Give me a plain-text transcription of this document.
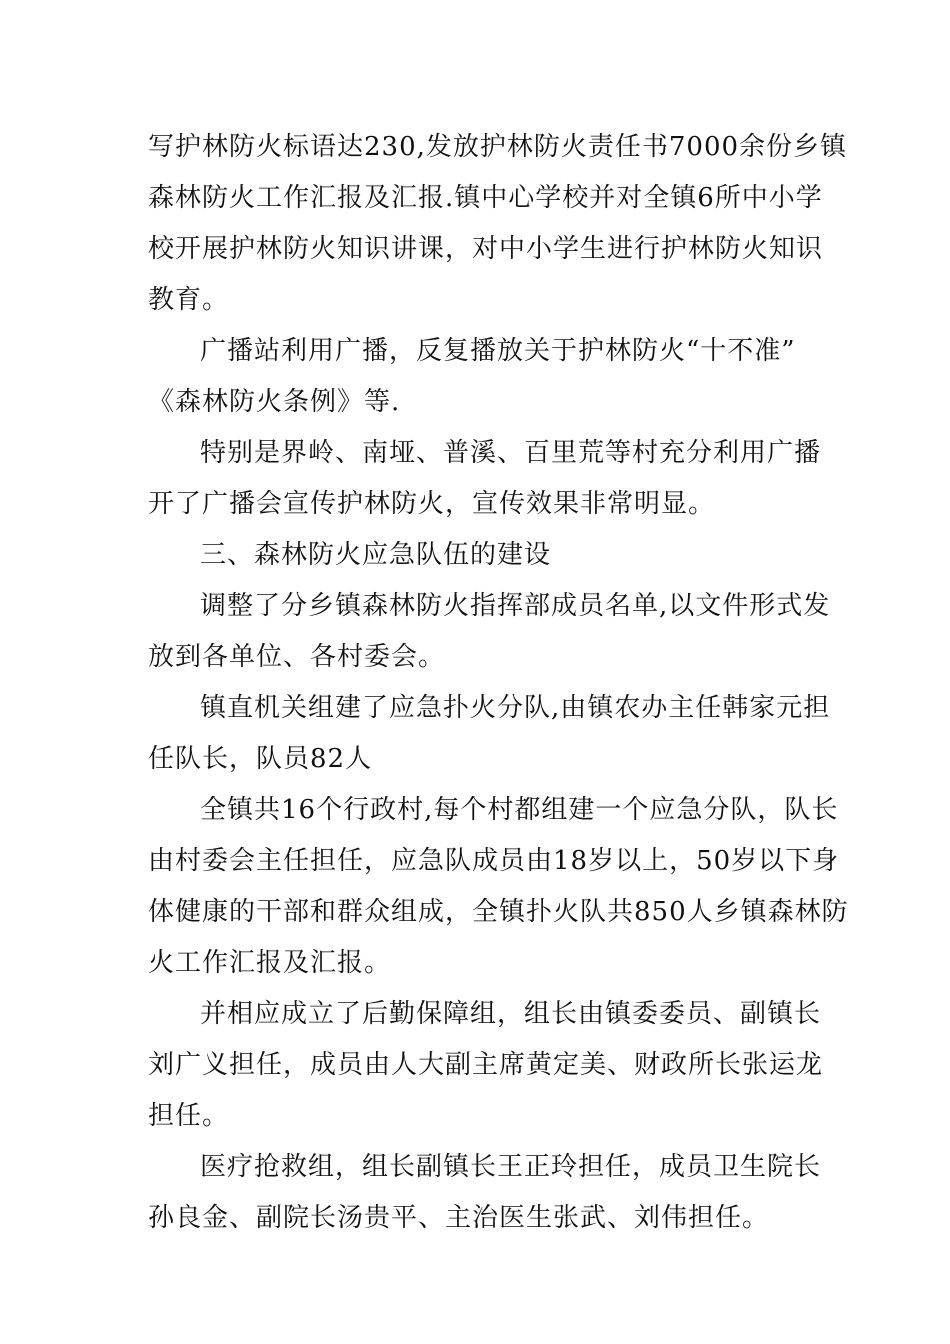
写护林防火标语达230,发放护林防火责任书7000余份乡镇
森林防火工作汇报及汇报.镇中心学校并对全镇6所中小学
校开展护林防火知识讲课，对中小学生进行护林防火知识
教育。
广播站利用广播，反复播放关于护林防火“十不准”
《森林防火条例》等.
特别是界岭、南垭、普溪、百里荒等村充分利用广播
开了广播会宣传护林防火，宣传效果非常明显。
三、森林防火应急队伍的建设
调整了分乡镇森林防火指挥部成员名单,以文件形式发
放到各单位、各村委会。
镇直机关组建了应急扑火分队,由镇农办主任韩家元担
任队长，队员82人
全镇共16个行政村,每个村都组建一个应急分队，队长
由村委会主任担任，应急队成员由18岁以上，50岁以下身
体健康的干部和群众组成，全镇扑火队共850人乡镇森林防
火工作汇报及汇报。
并相应成立了后勤保障组，组长由镇委委员、副镇长
刘广义担任，成员由人大副主席黄定美、财政所长张运龙
担任。
医疗抢救组，组长副镇长王正玲担任，成员卫生院长
孙良金、副院长汤贵平、主治医生张武、刘伟担任。
